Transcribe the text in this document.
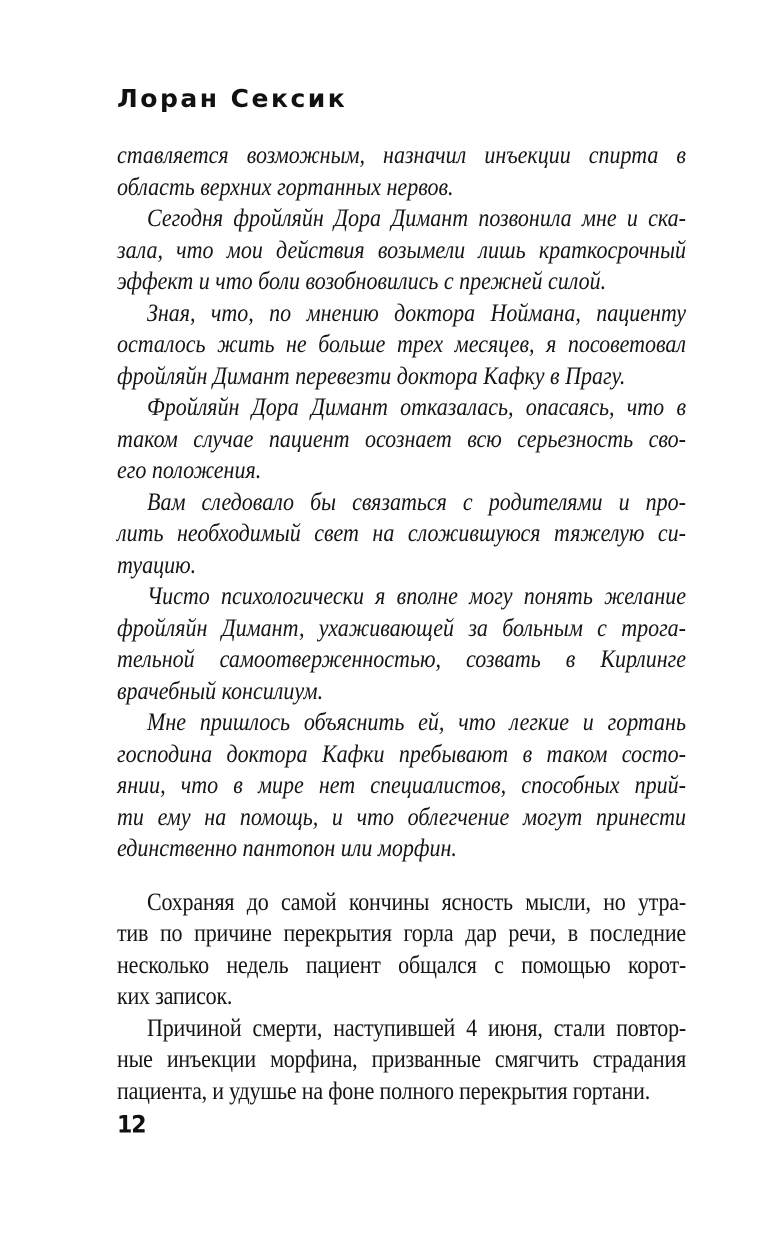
Лоран Сексик
ставляется возможным, назначил инъекции спирта в
область верхних гортанных нервов.
Сегодня фройляйн Дора Димант позвонила мне и ска-
зала, что мои действия возымели лишь краткосрочный
эффект и что боли возобновились с прежней силой.
Зная, что, по мнению доктора Ноймана, пациенту
осталось жить не больше трех месяцев, я посоветовал
фройляйн Димант перевезти доктора Кафку в Прагу.
Фройляйн Дора Димант отказалась, опасаясь, что в
таком случае пациент осознает всю серьезность сво-
его положения.
Вам следовало бы связаться с родителями и про-
лить необходимый свет на сложившуюся тяжелую си-
туацию.
Чисто психологически я вполне могу понять желание
фройляйн Димант, ухаживающей за больным с трога-
тельной самоотверженностью, созвать в Кирлинге
врачебный консилиум.
Мне пришлось объяснить ей, что легкие и гортань
господина доктора Кафки пребывают в таком состо-
янии, что в мире нет специалистов, способных прий-
ти ему на помощь, и что облегчение могут принести
единственно пантопон или морфин.
Сохраняя до самой кончины ясность мысли, но утра-
тив по причине перекрытия горла дар речи, в последние
несколько недель пациент общался с помощью корот-
ких записок.
Причиной смерти, наступившей 4 июня, стали повтор-
ные инъекции морфина, призванные смягчить страдания
пациента, и удушье на фоне полного перекрытия гортани.
12
